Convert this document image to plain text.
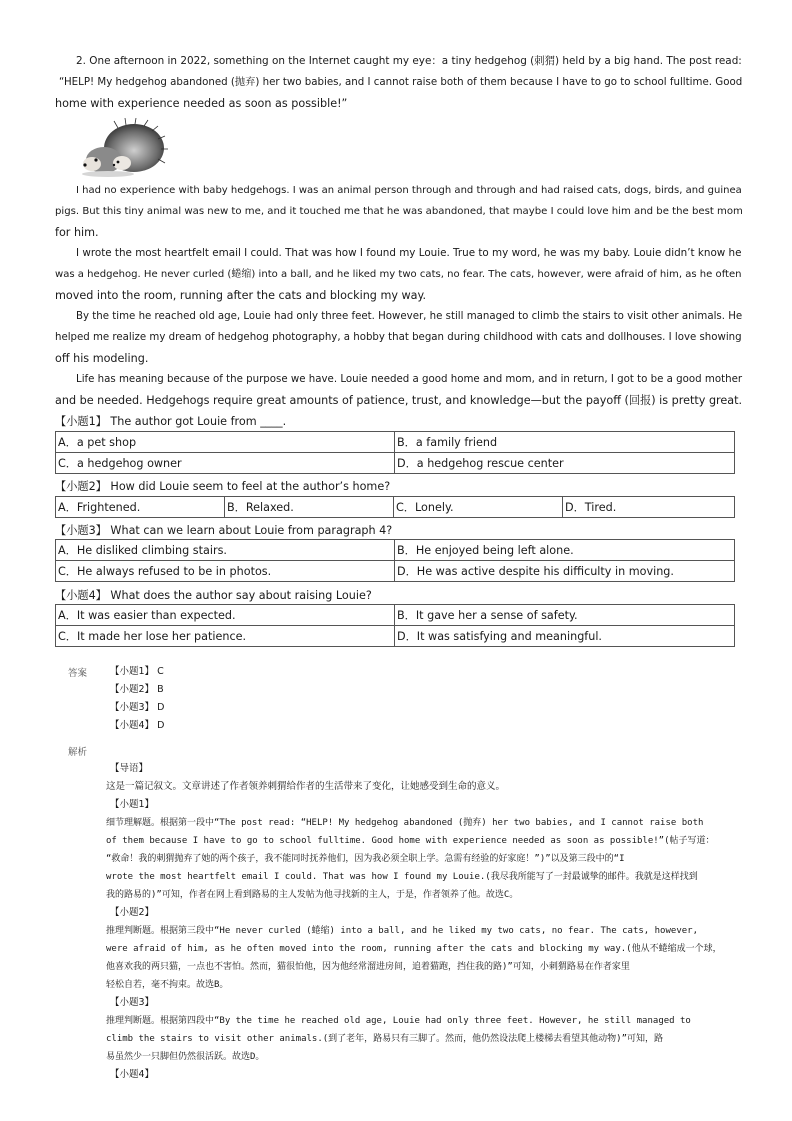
2. One afternoon in 2022, something on the Internet caught my eye：a tiny hedgehog (刺猬) held by a big hand. The post read:
“HELP! My hedgehog abandoned (抛弃) her two babies, and I cannot raise both of them because I have to go to school fulltime. Good
home with experience needed as soon as possible!”
I had no experience with baby hedgehogs. I was an animal person through and through and had raised cats, dogs, birds, and guinea
pigs. But this tiny animal was new to me, and it touched me that he was abandoned, that maybe I could love him and be the best mom
for him.
I wrote the most heartfelt email I could. That was how I found my Louie. True to my word, he was my baby. Louie didn’t know he
was a hedgehog. He never curled (蜷缩) into a ball, and he liked my two cats, no fear. The cats, however, were afraid of him, as he often
moved into the room, running after the cats and blocking my way.
By the time he reached old age, Louie had only three feet. However, he still managed to climb the stairs to visit other animals. He
helped me realize my dream of hedgehog photography, a hobby that began during childhood with cats and dollhouses. I love showing
off his modeling.
Life has meaning because of the purpose we have. Louie needed a good home and mom, and in return, I got to be a good mother
and be needed. Hedgehogs require great amounts of patience, trust, and knowledge—but the payoff (回报) is pretty great.
【小题1】 The author got Louie from ____.
A．a pet shop	B．a family friend
C．a hedgehog owner	D．a hedgehog rescue center
【小题2】 How did Louie seem to feel at the author’s home?
A．Frightened.	B．Relaxed.	C．Lonely.	D．Tired.
【小题3】 What can we learn about Louie from paragraph 4?
A．He disliked climbing stairs.	B．He enjoyed being left alone.
C．He always refused to be in photos.	D．He was active despite his difficulty in moving.
【小题4】 What does the author say about raising Louie?
A．It was easier than expected.	B．It gave her a sense of safety.
C．It made her lose her patience.	D．It was satisfying and meaningful.
答案 【小题1】 C
【小题2】 B
【小题3】 D
【小题4】 D
解析
【导语】
这是一篇记叙文。文章讲述了作者领养刺猬给作者的生活带来了变化，让她感受到生命的意义。
【小题1】
细节理解题。根据第一段中“The post read: “HELP! My hedgehog abandoned (抛弃) her two babies, and I cannot raise both
of them because I have to go to school fulltime. Good home with experience needed as soon as possible!”(帖子写道：
“救命！我的刺猬抛弃了她的两个孩子，我不能同时抚养他们，因为我必须全职上学。急需有经验的好家庭！”)”以及第三段中的“I
wrote the most heartfelt email I could. That was how I found my Louie.(我尽我所能写了一封最诚挚的邮件。我就是这样找到
我的路易的)”可知，作者在网上看到路易的主人发帖为他寻找新的主人，于是，作者领养了他。故选C。
【小题2】
推理判断题。根据第三段中“He never curled (蜷缩) into a ball, and he liked my two cats, no fear. The cats, however,
were afraid of him, as he often moved into the room, running after the cats and blocking my way.(他从不蜷缩成一个球，
他喜欢我的两只猫，一点也不害怕。然而，猫很怕他，因为他经常溜进房间，追着猫跑，挡住我的路)”可知，小刺猬路易在作者家里
轻松自若，毫不拘束。故选B。
【小题3】
推理判断题。根据第四段中“By the time he reached old age, Louie had only three feet. However, he still managed to
climb the stairs to visit other animals.(到了老年，路易只有三脚了。然而，他仍然设法爬上楼梯去看望其他动物)”可知，路
易虽然少一只脚但仍然很活跃。故选D。
【小题4】
